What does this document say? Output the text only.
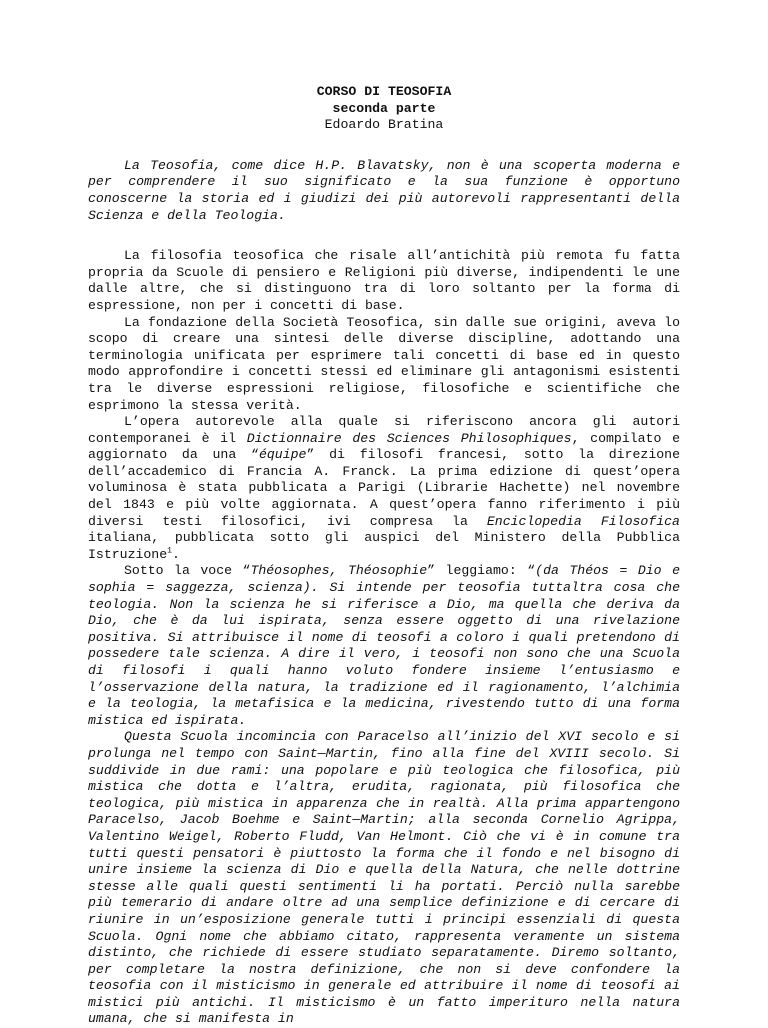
CORSO DI TEOSOFIA
seconda parte
Edoardo Bratina

La Teosofia, come dice H.P. Blavatsky, non è una scoperta moderna e per comprendere il suo significato e la sua funzione è opportuno conoscerne la storia ed i giudizi dei più autorevoli rappresentanti della Scienza e della Teologia.

La filosofia teosofica che risale all’antichità più remota fu fatta propria da Scuole di pensiero e Religioni più diverse, indipendenti le une dalle altre, che si distinguono tra di loro soltanto per la forma di espressione, non per i concetti di base.

La fondazione della Società Teosofica, sin dalle sue origini, aveva lo scopo di creare una sintesi delle diverse discipline, adottando una terminologia unificata per esprimere tali concetti di base ed in questo modo approfondire i concetti stessi ed eliminare gli antagonismi esistenti tra le diverse espressioni religiose, filosofiche e scientifiche che esprimono la stessa verità.

L’opera autorevole alla quale si riferiscono ancora gli autori contemporanei è il Dictionnaire des Sciences Philosophiques, compilato e aggiornato da una “équipe” di filosofi francesi, sotto la direzione dell’accademico di Francia A. Franck. La prima edizione di quest’opera voluminosa è stata pubblicata a Parigi (Librarie Hachette) nel novembre del 1843 e più volte aggiornata. A quest’opera fanno riferimento i più diversi testi filosofici, ivi compresa la Enciclopedia Filosofica italiana, pubblicata sotto gli auspici del Ministero della Pubblica Istruzione$^1$.

Sotto la voce “Théosophes, Théosophie” leggiamo: “(da Théos = Dio e sophia = saggezza, scienza). Si intende per teosofia tuttaltra cosa che teologia. Non la scienza he si riferisce a Dio, ma quella che deriva da Dio, che è da lui ispirata, senza essere oggetto di una rivelazione positiva. Si attribuisce il nome di teosofi a coloro i quali pretendono di possedere tale scienza. A dire il vero, i teosofi non sono che una Scuola di filosofi i quali hanno voluto fondere insieme l’entusiasmo e l’osservazione della natura, la tradizione ed il ragionamento, l’alchimia e la teologia, la metafisica e la medicina, rivestendo tutto di una forma mistica ed ispirata.

Questa Scuola incomincia con Paracelso all’inizio del XVI secolo e si prolunga nel tempo con Saint—Martin, fino alla fine del XVIII secolo. Si suddivide in due rami: una popolare e più teologica che filosofica, più mistica che dotta e l’altra, erudita, ragionata, più filosofica che teologica, più mistica in apparenza che in realtà. Alla prima appartengono Paracelso, Jacob Boehme e Saint—Martin; alla seconda Cornelio Agrippa, Valentino Weigel, Roberto Fludd, Van Helmont. Ciò che vi è in comune tra tutti questi pensatori è piuttosto la forma che il fondo e nel bisogno di unire insieme la scienza di Dio e quella della Natura, che nelle dottrine stesse alle quali questi sentimenti li ha portati. Perciò nulla sarebbe più temerario di andare oltre ad una semplice definizione e di cercare di riunire in un’esposizione generale tutti i principi essenziali di questa Scuola. Ogni nome che abbiamo citato, rappresenta veramente un sistema distinto, che richiede di essere studiato separatamente. Diremo soltanto, per completare la nostra definizione, che non si deve confondere la teosofia con il misticismo in generale ed attribuire il nome di teosofi ai mistici più antichi. Il misticismo è un fatto imperituro nella natura umana, che si manifesta in
